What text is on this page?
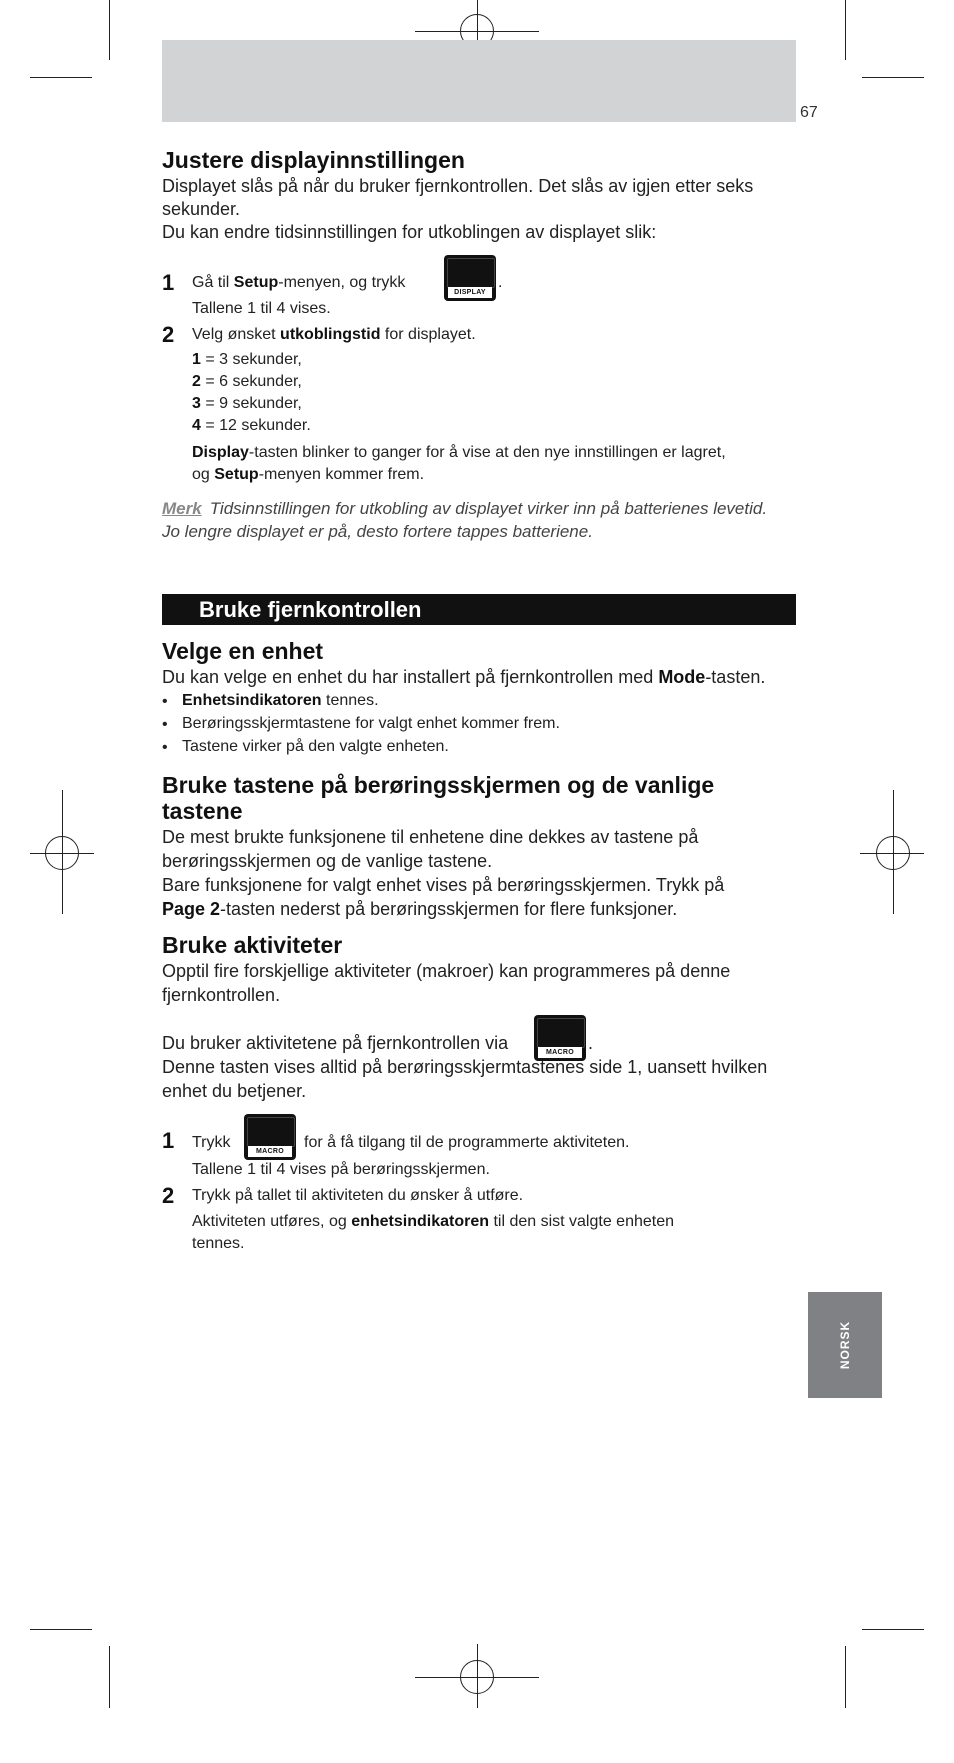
67
Justere displayinnstillingen

Displayet slås på når du bruker fjernkontrollen. Det slås av igjen etter seks

sekunder.

Du kan endre tidsinnstillingen for utkoblingen av displayet slik:

1 Gå til Setup-menyen, og trykk

DISPLAY
.

Tallene 1 til 4 vises.

2 Velg ønsket utkoblingstid for displayet.

1 = 3 sekunder,

2 = 6 sekunder,

3 = 9 sekunder,

4 = 12 sekunder.

Display-tasten blinker to ganger for å vise at den nye innstillingen er lagret,

og Setup-menyen kommer frem.

Merk Tidsinnstillingen for utkobling av displayet virker inn på batterienes levetid.

Jo lengre displayet er på, desto fortere tappes batteriene.

Bruke fjernkontrollen
Velge en enhet

Du kan velge en enhet du har installert på fjernkontrollen med Mode-tasten.

• Enhetsindikatoren tennes.

• Berøringsskjermtastene for valgt enhet kommer frem.

• Tastene virker på den valgte enheten.

Bruke tastene på berøringsskjermen og de vanlige
tastene

De mest brukte funksjonene til enhetene dine dekkes av tastene på

berøringsskjermen og de vanlige tastene.

Bare funksjonene for valgt enhet vises på berøringsskjermen. Trykk på

Page 2-tasten nederst på berøringsskjermen for flere funksjoner.

Bruke aktiviteter

Opptil fire forskjellige aktiviteter (makroer) kan programmeres på denne

fjernkontrollen.

Du bruker aktivitetene på fjernkontrollen via	MACRO .

Denne tasten vises alltid på berøringsskjermtastenes side 1, uansett hvilken

enhet du betjener.

1 Trykk

MACRO

for å få tilgang til de programmerte aktiviteten.

Tallene 1 til 4 vises på berøringsskjermen.

2 Trykk på tallet til aktiviteten du ønsker å utføre.

Aktiviteten utføres, og enhetsindikatoren til den sist valgte enheten

tennes.

NORSK
